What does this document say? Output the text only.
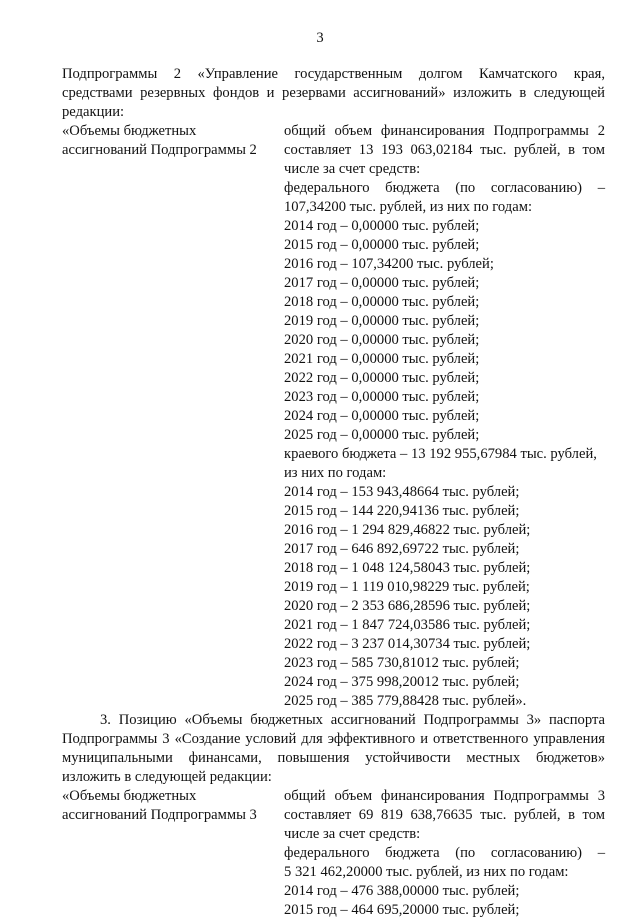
3

Подпрограммы 2 «Управление государственным долгом Камчатского края,

средствами резервных фондов и резервами ассигнований» изложить в следующей

редакции:

«Объемы бюджетных

ассигнований Подпрограммы 2

общий объем финансирования Подпрограммы 2

составляет 13 193 063,02184 тыс. рублей, в том

числе за счет средств:

федерального бюджета (по согласованию) –

107,34200 тыс. рублей, из них по годам:

2014 год – 0,00000 тыс. рублей;

2015 год – 0,00000 тыс. рублей;

2016 год – 107,34200 тыс. рублей;

2017 год – 0,00000 тыс. рублей;

2018 год – 0,00000 тыс. рублей;

2019 год – 0,00000 тыс. рублей;

2020 год – 0,00000 тыс. рублей;

2021 год – 0,00000 тыс. рублей;

2022 год – 0,00000 тыс. рублей;

2023 год – 0,00000 тыс. рублей;

2024 год – 0,00000 тыс. рублей;

2025 год – 0,00000 тыс. рублей;

краевого бюджета – 13 192 955,67984 тыс. рублей,

из них по годам:

2014 год – 153 943,48664 тыс. рублей;

2015 год – 144 220,94136 тыс. рублей;

2016 год – 1 294 829,46822 тыс. рублей;

2017 год – 646 892,69722 тыс. рублей;

2018 год – 1 048 124,58043 тыс. рублей;

2019 год – 1 119 010,98229 тыс. рублей;

2020 год – 2 353 686,28596 тыс. рублей;

2021 год – 1 847 724,03586 тыс. рублей;

2022 год – 3 237 014,30734 тыс. рублей;

2023 год – 585 730,81012 тыс. рублей;

2024 год – 375 998,20012 тыс. рублей;

2025 год – 385 779,88428 тыс. рублей».

3. Позицию «Объемы бюджетных ассигнований Подпрограммы 3» паспорта

Подпрограммы 3 «Создание условий для эффективного и ответственного управления

муниципальными финансами, повышения устойчивости местных бюджетов»

изложить в следующей редакции:

«Объемы бюджетных

ассигнований Подпрограммы 3

общий объем финансирования Подпрограммы 3

составляет 69 819 638,76635 тыс. рублей, в том

числе за счет средств:

федерального бюджета (по согласованию) –

5 321 462,20000 тыс. рублей, из них по годам:

2014 год – 476 388,00000 тыс. рублей;

2015 год – 464 695,20000 тыс. рублей;
